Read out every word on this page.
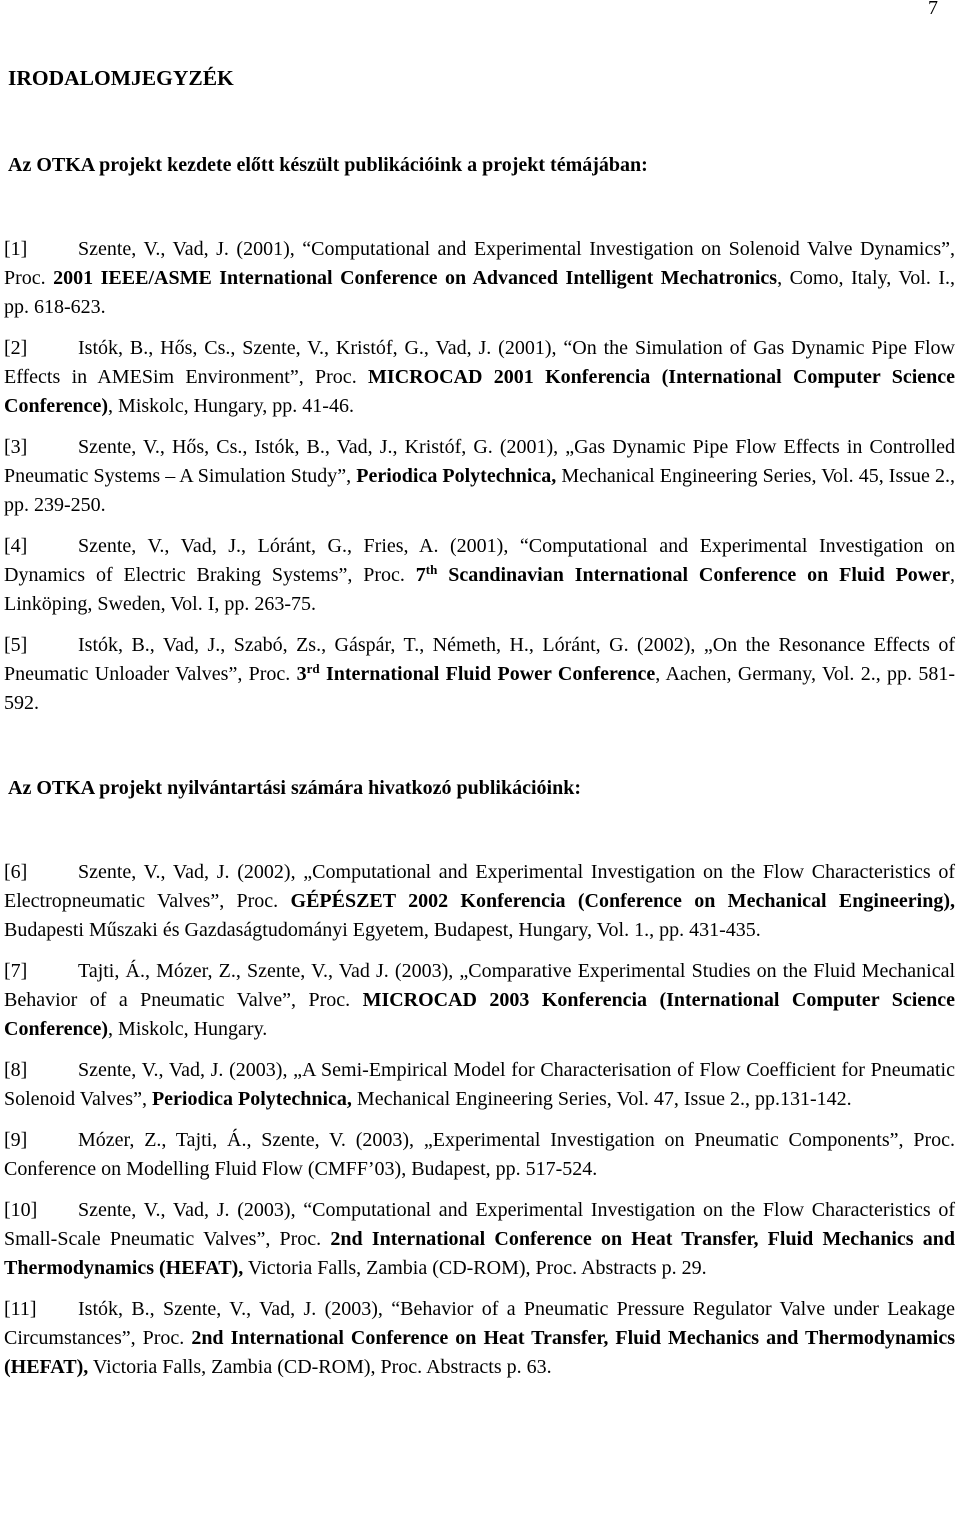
7
IRODALOMJEGYZÉK
Az OTKA projekt kezdete előtt készült publikációink a projekt témájában:

[1]	Szente, V., Vad, J. (2001), “Computational and Experimental Investigation on Solenoid Valve Dynamics”, Proc. 2001 IEEE/ASME International Conference on Advanced Intelligent Mechatronics, Como, Italy, Vol. I., pp. 618-623.

[2]	Istók, B., Hős, Cs., Szente, V., Kristóf, G., Vad, J. (2001), “On the Simulation of Gas Dynamic Pipe Flow Effects in AMESim Environment”, Proc. MICROCAD 2001 Konferencia (International Computer Science Conference), Miskolc, Hungary, pp. 41-46.

[3]	Szente, V., Hős, Cs., Istók, B., Vad, J., Kristóf, G. (2001), „Gas Dynamic Pipe Flow Effects in Controlled Pneumatic Systems – A Simulation Study”, Periodica Polytechnica, Mechanical Engineering Series, Vol. 45, Issue 2., pp. 239-250.

[4]	Szente, V., Vad, J., Lóránt, G., Fries, A. (2001), “Computational and Experimental Investigation on Dynamics of Electric Braking Systems”, Proc. 7th Scandinavian International Conference on Fluid Power, Linköping, Sweden, Vol. I, pp. 263-75.

[5]	Istók, B., Vad, J., Szabó, Zs., Gáspár, T., Németh, H., Lóránt, G. (2002), „On the Resonance Effects of Pneumatic Unloader Valves”, Proc. 3rd International Fluid Power Conference, Aachen, Germany, Vol. 2., pp. 581-592.

Az OTKA projekt nyilvántartási számára hivatkozó publikációink:

[6]	Szente, V., Vad, J. (2002), „Computational and Experimental Investigation on the Flow Characteristics of Electropneumatic Valves”, Proc. GÉPÉSZET 2002 Konferencia (Conference on Mechanical Engineering), Budapesti Műszaki és Gazdaságtudományi Egyetem, Budapest, Hungary, Vol. 1., pp. 431-435.

[7]	Tajti, Á., Mózer, Z., Szente, V., Vad J. (2003), „Comparative Experimental Studies on the Fluid Mechanical Behavior of a Pneumatic Valve”, Proc. MICROCAD 2003 Konferencia (International Computer Science Conference), Miskolc, Hungary.

[8]	Szente, V., Vad, J. (2003), „A Semi-Empirical Model for Characterisation of Flow Coefficient for Pneumatic Solenoid Valves”, Periodica Polytechnica, Mechanical Engineering Series, Vol. 47, Issue 2., pp.131-142.

[9]	Mózer, Z., Tajti, Á., Szente, V. (2003), „Experimental Investigation on Pneumatic Components”, Proc. Conference on Modelling Fluid Flow (CMFF’03), Budapest, pp. 517-524.

[10] Szente, V., Vad, J. (2003), “Computational and Experimental Investigation on the Flow Characteristics of Small-Scale Pneumatic Valves”, Proc. 2nd International Conference on Heat Transfer, Fluid Mechanics and Thermodynamics (HEFAT), Victoria Falls, Zambia (CD-ROM), Proc. Abstracts p. 29.

[11] Istók, B., Szente, V., Vad, J. (2003), “Behavior of a Pneumatic Pressure Regulator Valve under Leakage Circumstances”, Proc. 2nd International Conference on Heat Transfer, Fluid Mechanics and Thermodynamics (HEFAT), Victoria Falls, Zambia (CD-ROM), Proc. Abstracts p. 63.
